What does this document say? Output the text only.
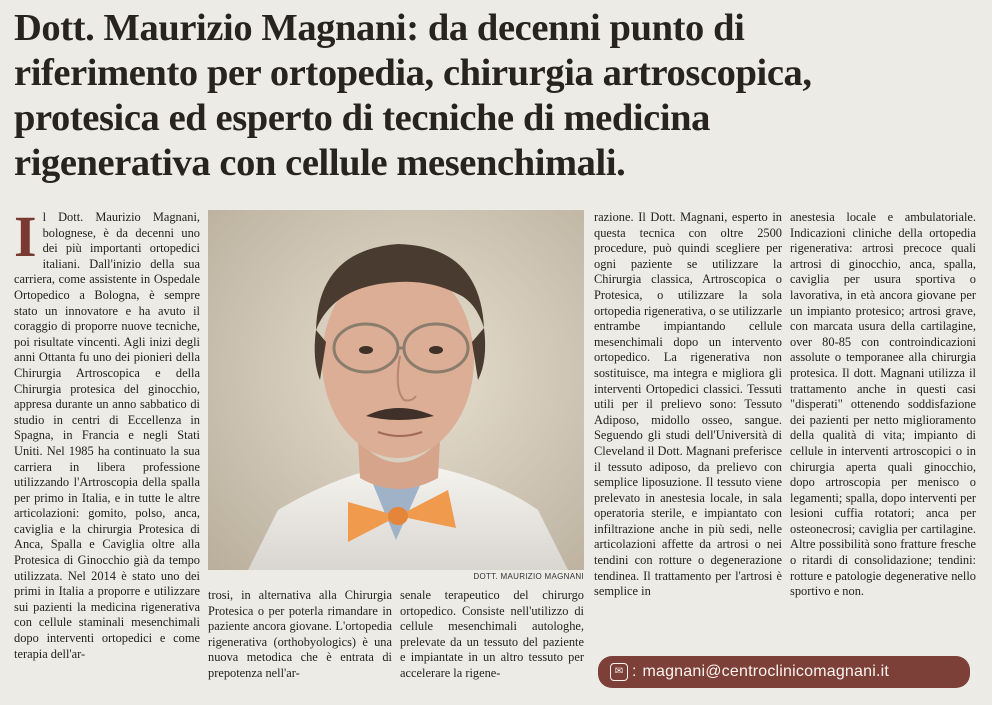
Dott. Maurizio Magnani: da decenni punto di riferimento per ortopedia, chirurgia artroscopica, protesica ed esperto di tecniche di medicina rigenerativa con cellule mesenchimali.
I l Dott. Maurizio Magnani, bolognese, è da decenni uno dei più importanti ortopedici italiani. Dall'inizio della sua carriera, come assistente in Ospedale Ortopedico a Bologna, è sempre stato un innovatore e ha avuto il coraggio di proporre nuove tecniche, poi risultate vincenti. Agli inizi degli anni Ottanta fu uno dei pionieri della Chirurgia Artroscopica e della Chirurgia protesica del ginocchio, appresa durante un anno sabbatico di studio in centri di Eccellenza in Spagna, in Francia e negli Stati Uniti. Nel 1985 ha continuato la sua carriera in libera professione utilizzando l'Artroscopia della spalla per primo in Italia, e in tutte le altre articolazioni: gomito, polso, anca, caviglia e la chirurgia Protesica di Anca, Spalla e Caviglia oltre alla Protesica di Ginocchio già da tempo utilizzata. Nel 2014 è stato uno dei primi in Italia a proporre e utilizzare sui pazienti la medicina rigenerativa con cellule staminali mesenchimali dopo interventi ortopedici e come terapia dell'ar-
DOTT. MAURIZIO MAGNANI
trosi, in alternativa alla Chirurgia Protesica o per poterla rimandare in paziente ancora giovane. L'ortopedia rigenerativa (orthobyologics) è una nuova metodica che è entrata di prepotenza nell'ar-
senale terapeutico del chirurgo ortopedico. Consiste nell'utilizzo di cellule mesenchimali autologhe, prelevate da un tessuto del paziente e impiantate in un altro tessuto per accelerare la rigene-
razione. Il Dott. Magnani, esperto in questa tecnica con oltre 2500 procedure, può quindi scegliere per ogni paziente se utilizzare la Chirurgia classica, Artroscopica o Protesica, o utilizzare la sola ortopedia rigenerativa, o se utilizzarle entrambe impiantando cellule mesenchimali dopo un intervento ortopedico. La rigenerativa non sostituisce, ma integra e migliora gli interventi Ortopedici classici. Tessuti utili per il prelievo sono: Tessuto Adiposo, midollo osseo, sangue. Seguendo gli studi dell'Università di Cleveland il Dott. Magnani preferisce il tessuto adiposo, da prelievo con semplice liposuzione. Il tessuto viene prelevato in anestesia locale, in sala operatoria sterile, e impiantato con infiltrazione anche in più sedi, nelle articolazioni affette da artrosi o nei tendini con rotture o degenerazione tendinea. Il trattamento per l'artrosi è semplice in
anestesia locale e ambulatoriale. Indicazioni cliniche della ortopedia rigenerativa: artrosi precoce quali artrosi di ginocchio, anca, spalla, caviglia per usura sportiva o lavorativa, in età ancora giovane per un impianto protesico; artrosi grave, con marcata usura della cartilagine, over 80-85 con controindicazioni assolute o temporanee alla chirurgia protesica. Il dott. Magnani utilizza il trattamento anche in questi casi "disperati" ottenendo soddisfazione dei pazienti per netto miglioramento della qualità di vita; impianto di cellule in interventi artroscopici o in chirurgia aperta quali ginocchio, dopo artroscopia per menisco o legamenti; spalla, dopo interventi per lesioni cuffia rotatori; anca per osteonecrosi; caviglia per cartilagine. Altre possibilità sono fratture fresche o ritardi di consolidazione; tendini: rotture e patologie degenerative nello sportivo e non.
✉ : magnani@centroclinicomagnani.it
